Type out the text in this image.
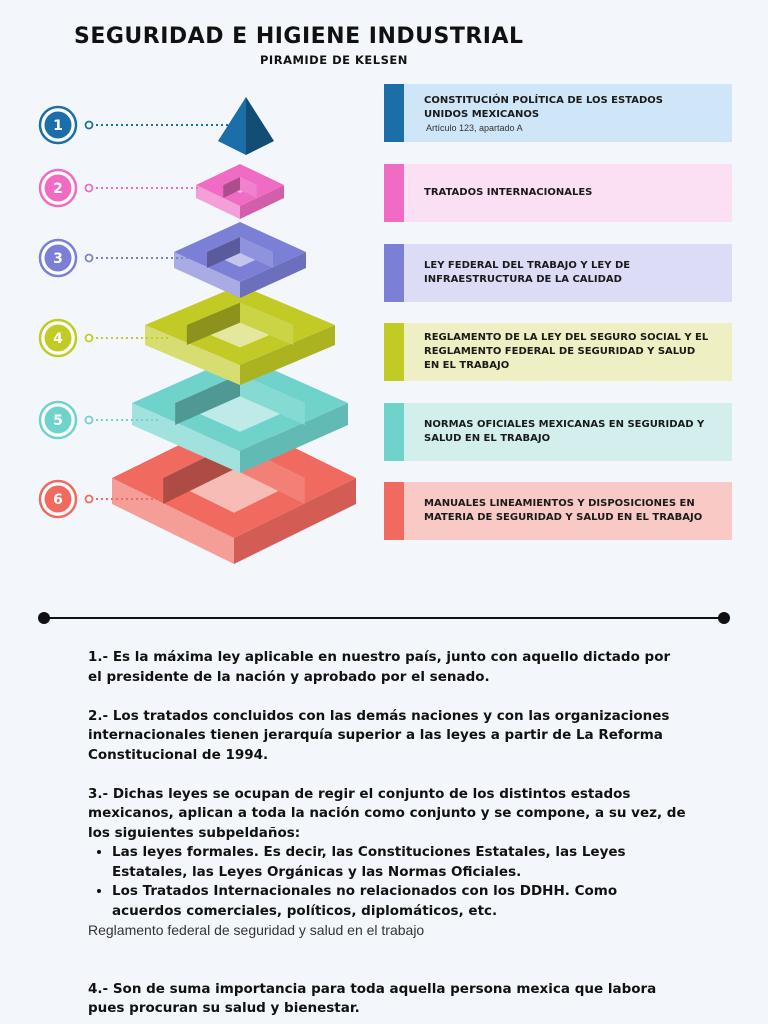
SEGURIDAD E HIGIENE INDUSTRIAL
PIRAMIDE DE KELSEN
1
2
3
4
5
6
CONSTITUCIÓN POLÍTICA DE LOS ESTADOS UNIDOS MEXICANOS
Artículo 123, apartado A
TRATADOS INTERNACIONALES
LEY FEDERAL DEL TRABAJO Y LEY DE INFRAESTRUCTURA DE LA CALIDAD
REGLAMENTO DE LA LEY DEL SEGURO SOCIAL Y EL REGLAMENTO FEDERAL DE SEGURIDAD Y SALUD EN EL TRABAJO
NORMAS OFICIALES MEXICANAS EN SEGURIDAD Y SALUD EN EL TRABAJO
MANUALES LINEAMIENTOS Y DISPOSICIONES EN MATERIA DE SEGURIDAD Y SALUD EN EL TRABAJO

1.- Es la máxima ley aplicable en nuestro país, junto con aquello dictado por el presidente de la nación y aprobado por el senado.

2.- Los tratados concluidos con las demás naciones y con las organizaciones internacionales tienen jerarquía superior a las leyes a partir de La Reforma Constitucional de 1994.

3.- Dichas leyes se ocupan de regir el conjunto de los distintos estados mexicanos, aplican a toda la nación como conjunto y se compone, a su vez, de los siguientes subpeldaños:

• Las leyes formales. Es decir, las Constituciones Estatales, las Leyes Estatales, las Leyes Orgánicas y las Normas Oficiales.
• Los Tratados Internacionales no relacionados con los DDHH. Como acuerdos comerciales, políticos, diplomáticos, etc.
Reglamento federal de seguridad y salud en el trabajo

4.- Son de suma importancia para toda aquella persona mexica que labora pues procuran su salud y bienestar.
